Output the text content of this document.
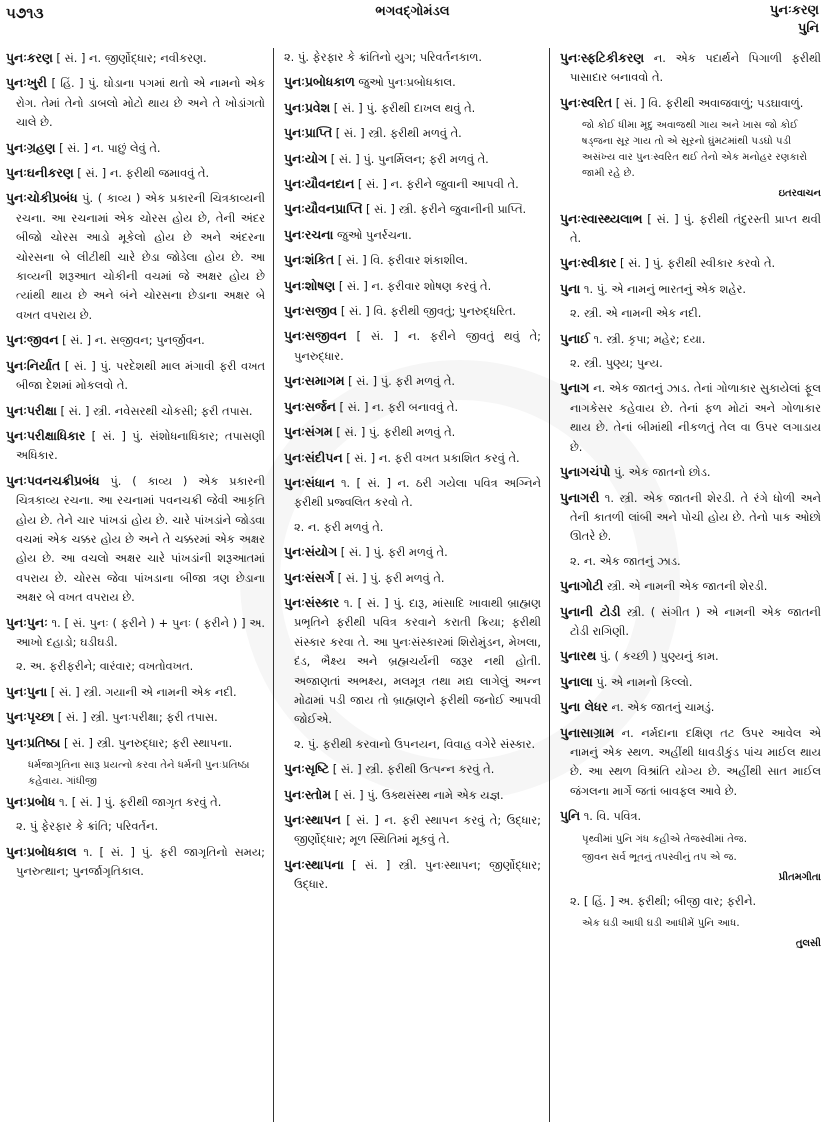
૫૭૧૩	ભગવદ્ગોમંડલ	પુનઃકરણ
પુનિ
પુનઃકરણ [ સં. ] ન. જીર્ણોદ્ધાર; નવીકરણ.
પુનઃખુરી [ હિં. ] પું. ઘોડાના પગમાં થતો એ નામનો એક રોગ. તેમાં તેનો ડાબલો મોટો થાય છે અને તે ખોડાંગતો ચાલે છે.
પુનઃગ્રહણ [ સં. ] ન. પાછું લેવું તે.
પુનઃઘનીકરણ [ સં. ] ન. ફરીથી જમાવવું તે.
પુનઃચોકીપ્રબંધ પું. ( કાવ્ય ) એક પ્રકારની ચિત્રકાવ્યની રચના. આ રચનામાં એક ચોરસ હોય છે, તેની અંદર બીજો ચોરસ આડો મૂકેલો હોય છે અને અંદરના ચોરસના બે લીટીથી ચારે છેડા જોડેલા હોય છે. આ કાવ્યની શરૂઆત ચોકીની વચમાં જે અક્ષર હોય છે ત્યાંથી થાય છે અને બંને ચોરસના છેડાના અક્ષર બે વખત વપરાય છે.
પુનઃજીવન [ સં. ] ન. સજીવન; પુનર્જીવન.
પુનઃનિર્યાત [ સં. ] પું. પરદેશથી માલ મંગાવી ફરી વખત બીજા દેશમાં મોકલવો તે.
પુનઃપરીક્ષા [ સં. ] સ્ત્રી. નવેસરથી ચોકસી; ફરી તપાસ.
પુનઃપરીક્ષાધિકાર [ સં. ] પું. સંશોધનાધિકાર; તપાસણી અધિકાર.
પુનઃપવનચક્રીપ્રબંધ પું. ( કાવ્ય ) એક પ્રકારની ચિત્રકાવ્ય રચના. આ રચનામાં પવનચક્રી જેવી આકૃતિ હોય છે. તેને ચાર પાંખડાં હોય છે. ચારે પાંખડાંને જોડવા વચમાં એક ચક્કર હોય છે અને તે ચક્કરમાં એક અક્ષર હોય છે. આ વચલો અક્ષર ચારે પાંખડાંની શરૂઆતમાં વપરાય છે. ચોરસ જેવા પાંખડાના બીજા ત્રણ છેડાના અક્ષર બે વખત વપરાય છે.
પુનઃપુનઃ ૧. [ સં. પુનઃ ( ફરીને ) + પુનઃ ( ફરીને ) ] અ. આખો દહાડો; ઘડીઘડી.
૨. અ. ફરીફરીને; વારંવાર; વખતોવખત.
પુનઃપુના [ સં. ] સ્ત્રી. ગયાની એ નામની એક નદી.
પુનઃપૃચ્છા [ સં. ] સ્ત્રી. પુનઃપરીક્ષા; ફરી તપાસ.
પુનઃપ્રતિષ્ઠા [ સં. ] સ્ત્રી. પુનરુદ્ધાર; ફરી સ્થાપના.
ધર્મજાગૃતિના સારૂ પ્રયત્નો કરવા તેને ધર્મની પુનઃપ્રતિષ્ઠા કહેવાય. ગાંધીજી
પુનઃપ્રબોધ ૧. [ સં. ] પું. ફરીથી જાગૃત કરવું તે.
૨. પું ફેરફાર કે ક્રાંતિ; પરિવર્તન.
પુનઃપ્રબોધકાલ ૧. [ સં. ] પું. ફરી જાગૃતિનો સમય; પુનરુત્થાન; પુનર્જાગૃતિકાલ.
૨. પું. ફેરફાર કે ક્રાંતિનો યુગ; પરિવર્તનકાળ.
પુનઃપ્રબોધકાળ જુઓ પુનઃપ્રબોધકાલ.
પુનઃપ્રવેશ [ સં. ] પું. ફરીથી દાખલ થવું તે.
પુનઃપ્રાપ્તિ [ સં. ] સ્ત્રી. ફરીથી મળવું તે.
પુનઃયોગ [ સં. ] પું. પુનર્મિલન; ફરી મળવું તે.
પુનઃયૌવનદાન [ સં. ] ન. ફરીને જુવાની આપવી તે.
પુનઃયૌવનપ્રાપ્તિ [ સં. ] સ્ત્રી. ફરીને જુવાનીની પ્રાપ્તિ.
પુનઃરચના જુઓ પુનર્રચના.
પુનઃશંકિત [ સં. ] વિ. ફરીવાર શંકાશીલ.
પુનઃશોષણ [ સં. ] ન. ફરીવાર શોષણ કરવું તે.
પુનઃસજીવ [ સં. ] વિ. ફરીથી જીવતું; પુનરુદ્ધરિત.
પુનઃસજીવન [ સં. ] ન. ફરીને જીવતું થવું તે; પુનરુદ્ધાર.
પુનઃસમાગમ [ સં. ] પું. ફરી મળવું તે.
પુનઃસર્જન [ સં. ] ન. ફરી બનાવવું તે.
પુનઃસંગમ [ સં. ] પું. ફરીથી મળવું તે.
પુનઃસંદીપન [ સં. ] ન. ફરી વખત પ્રકાશિત કરવું તે.
પુનઃસંધાન ૧. [ સં. ] ન. ઠરી ગયેલા પવિત્ર અગ્નિને ફરીથી પ્રજ્વલિત કરવો તે.
૨. ન. ફરી મળવું તે.
પુનઃસંયોગ [ સં. ] પું. ફરી મળવું તે.
પુનઃસંસર્ગ [ સં. ] પું. ફરી મળવું તે.
પુનઃસંસ્કાર ૧. [ સં. ] પું. દારૂ, માંસાદિ ખાવાથી બ્રાહ્મણ પ્રભૃતિને ફરીથી પવિત્ર કરવાને કરાતી ક્રિયા; ફરીથી સંસ્કાર કરવા તે. આ પુનઃસંસ્કારમાં શિરોમુંડન, મેખલા, દંડ, ભૈક્ષ્ય અને બ્રહ્મચર્યની જરૂર નથી હોતી. અજાણતાં અભક્ષ્ય, મલમૂત્ર તથા મદ્ય લાગેલું અન્ન મોઢામાં પડી જાય તો બ્રાહ્મણને ફરીથી જનોઈ આપવી જોઈએ.
૨. પું. ફરીથી કરવાનો ઉપનયન, વિવાહ વગેરે સંસ્કાર.
પુનઃસૃષ્ટિ [ સં. ] સ્ત્રી. ફરીથી ઉત્પન્ન કરવું તે.
પુનઃસ્તોમ [ સં. ] પું. ઉક્થસંસ્થ નામે એક યજ્ઞ.
પુનઃસ્થાપન [ સં. ] ન. ફરી સ્થાપન કરવું તે; ઉદ્ધાર; જીર્ણોદ્ધાર; મૂળ સ્થિતિમાં મૂકવું તે.
પુનઃસ્થાપના [ સં. ] સ્ત્રી. પુનઃસ્થાપન; જીર્ણોદ્ધાર; ઉદ્ધાર.
પુનઃસ્ફટિકીકરણ ન. એક પદાર્થને પિગાળી ફરીથી પાસાદાર બનાવવો તે.
પુનઃસ્વરિત [ સં. ] વિ. ફરીથી અવાજવાળું; પડઘાવાળું.
જો કોઈ ધીમા મૃદુ અવાજથી ગાય અને ખાસ જો કોઈ ષડ્જના સૂર ગાય તો એ સૂરનો ઘુંમટમાંથી પડઘો પડી અસંખ્ય વાર પુનઃસ્વરિત થઈ તેનો એક મનોહર રણકારો જામી રહે છે.
ઇતરવાચન
પુનઃસ્વાસ્થ્યલાભ [ સં. ] પું. ફરીથી તંદુરસ્તી પ્રાપ્ત થવી તે.
પુનઃસ્વીકાર [ સં. ] પું. ફરીથી સ્વીકાર કરવો તે.
પુના ૧. પું. એ નામનું ભારતનું એક શહેર.
૨. સ્ત્રી. એ નામની એક નદી.
પુનાઈ ૧. સ્ત્રી. કૃપા; મહેર; દયા.
૨. સ્ત્રી. પુણ્ય; પુન્ય.
પુનાગ ન. એક જાતનું ઝાડ. તેનાં ગોળાકાર સુકાયેલાં ફૂલ નાગકેસર કહેવાય છે. તેનાં ફળ મોટાં અને ગોળાકાર થાય છે. તેનાં બીમાંથી નીકળતું તેલ વા ઉપર લગાડાય છે.
પુનાગચંપો પું. એક જાતનો છોડ.
પુનાગરી ૧. સ્ત્રી. એક જાતની શેરડી. તે રંગે ધોળી અને તેની કાતળી લાંબી અને પોચી હોય છે. તેનો પાક ઓછો ઊતરે છે.
૨. ન. એક જાતનું ઝાડ.
પુનાગોટી સ્ત્રી. એ નામની એક જાતની શેરડી.
પુનાની ટોડી સ્ત્રી. ( સંગીત ) એ નામની એક જાતની ટોડી રાગિણી.
પુનારથ પું. ( કચ્છી ) પુણ્યનું કામ.
પુનાલા પું. એ નામનો કિલ્લો.
પુના લેધર ન. એક જાતનું ચામડું.
પુનાસાગ્રામ ન. નર્મદાના દક્ષિણ તટ ઉપર આવેલ એ નામનું એક સ્થળ. અહીંથી ધાવડીકુંડ પાંચ માઈલ થાય છે. આ સ્થળ વિશ્રાંતિ યોગ્ય છે. અહીંથી સાત માઈલ જંગલના માર્ગે જતાં બાવફલ આવે છે.
પુનિ ૧. વિ. પવિત્ર.
પૃથ્વીમાં પુનિ ગંધ કહીએ તેજસ્વીમાં તેજ.
જીવન સર્વ ભૂતનું તપસ્વીનું તપ એ જ.
પ્રીતમગીતા
૨. [ હિં. ] અ. ફરીથી; બીજી વાર; ફરીને.
એક ઘડી આધી ઘડી આધીમેં પુનિ આધ.
તુલસી
